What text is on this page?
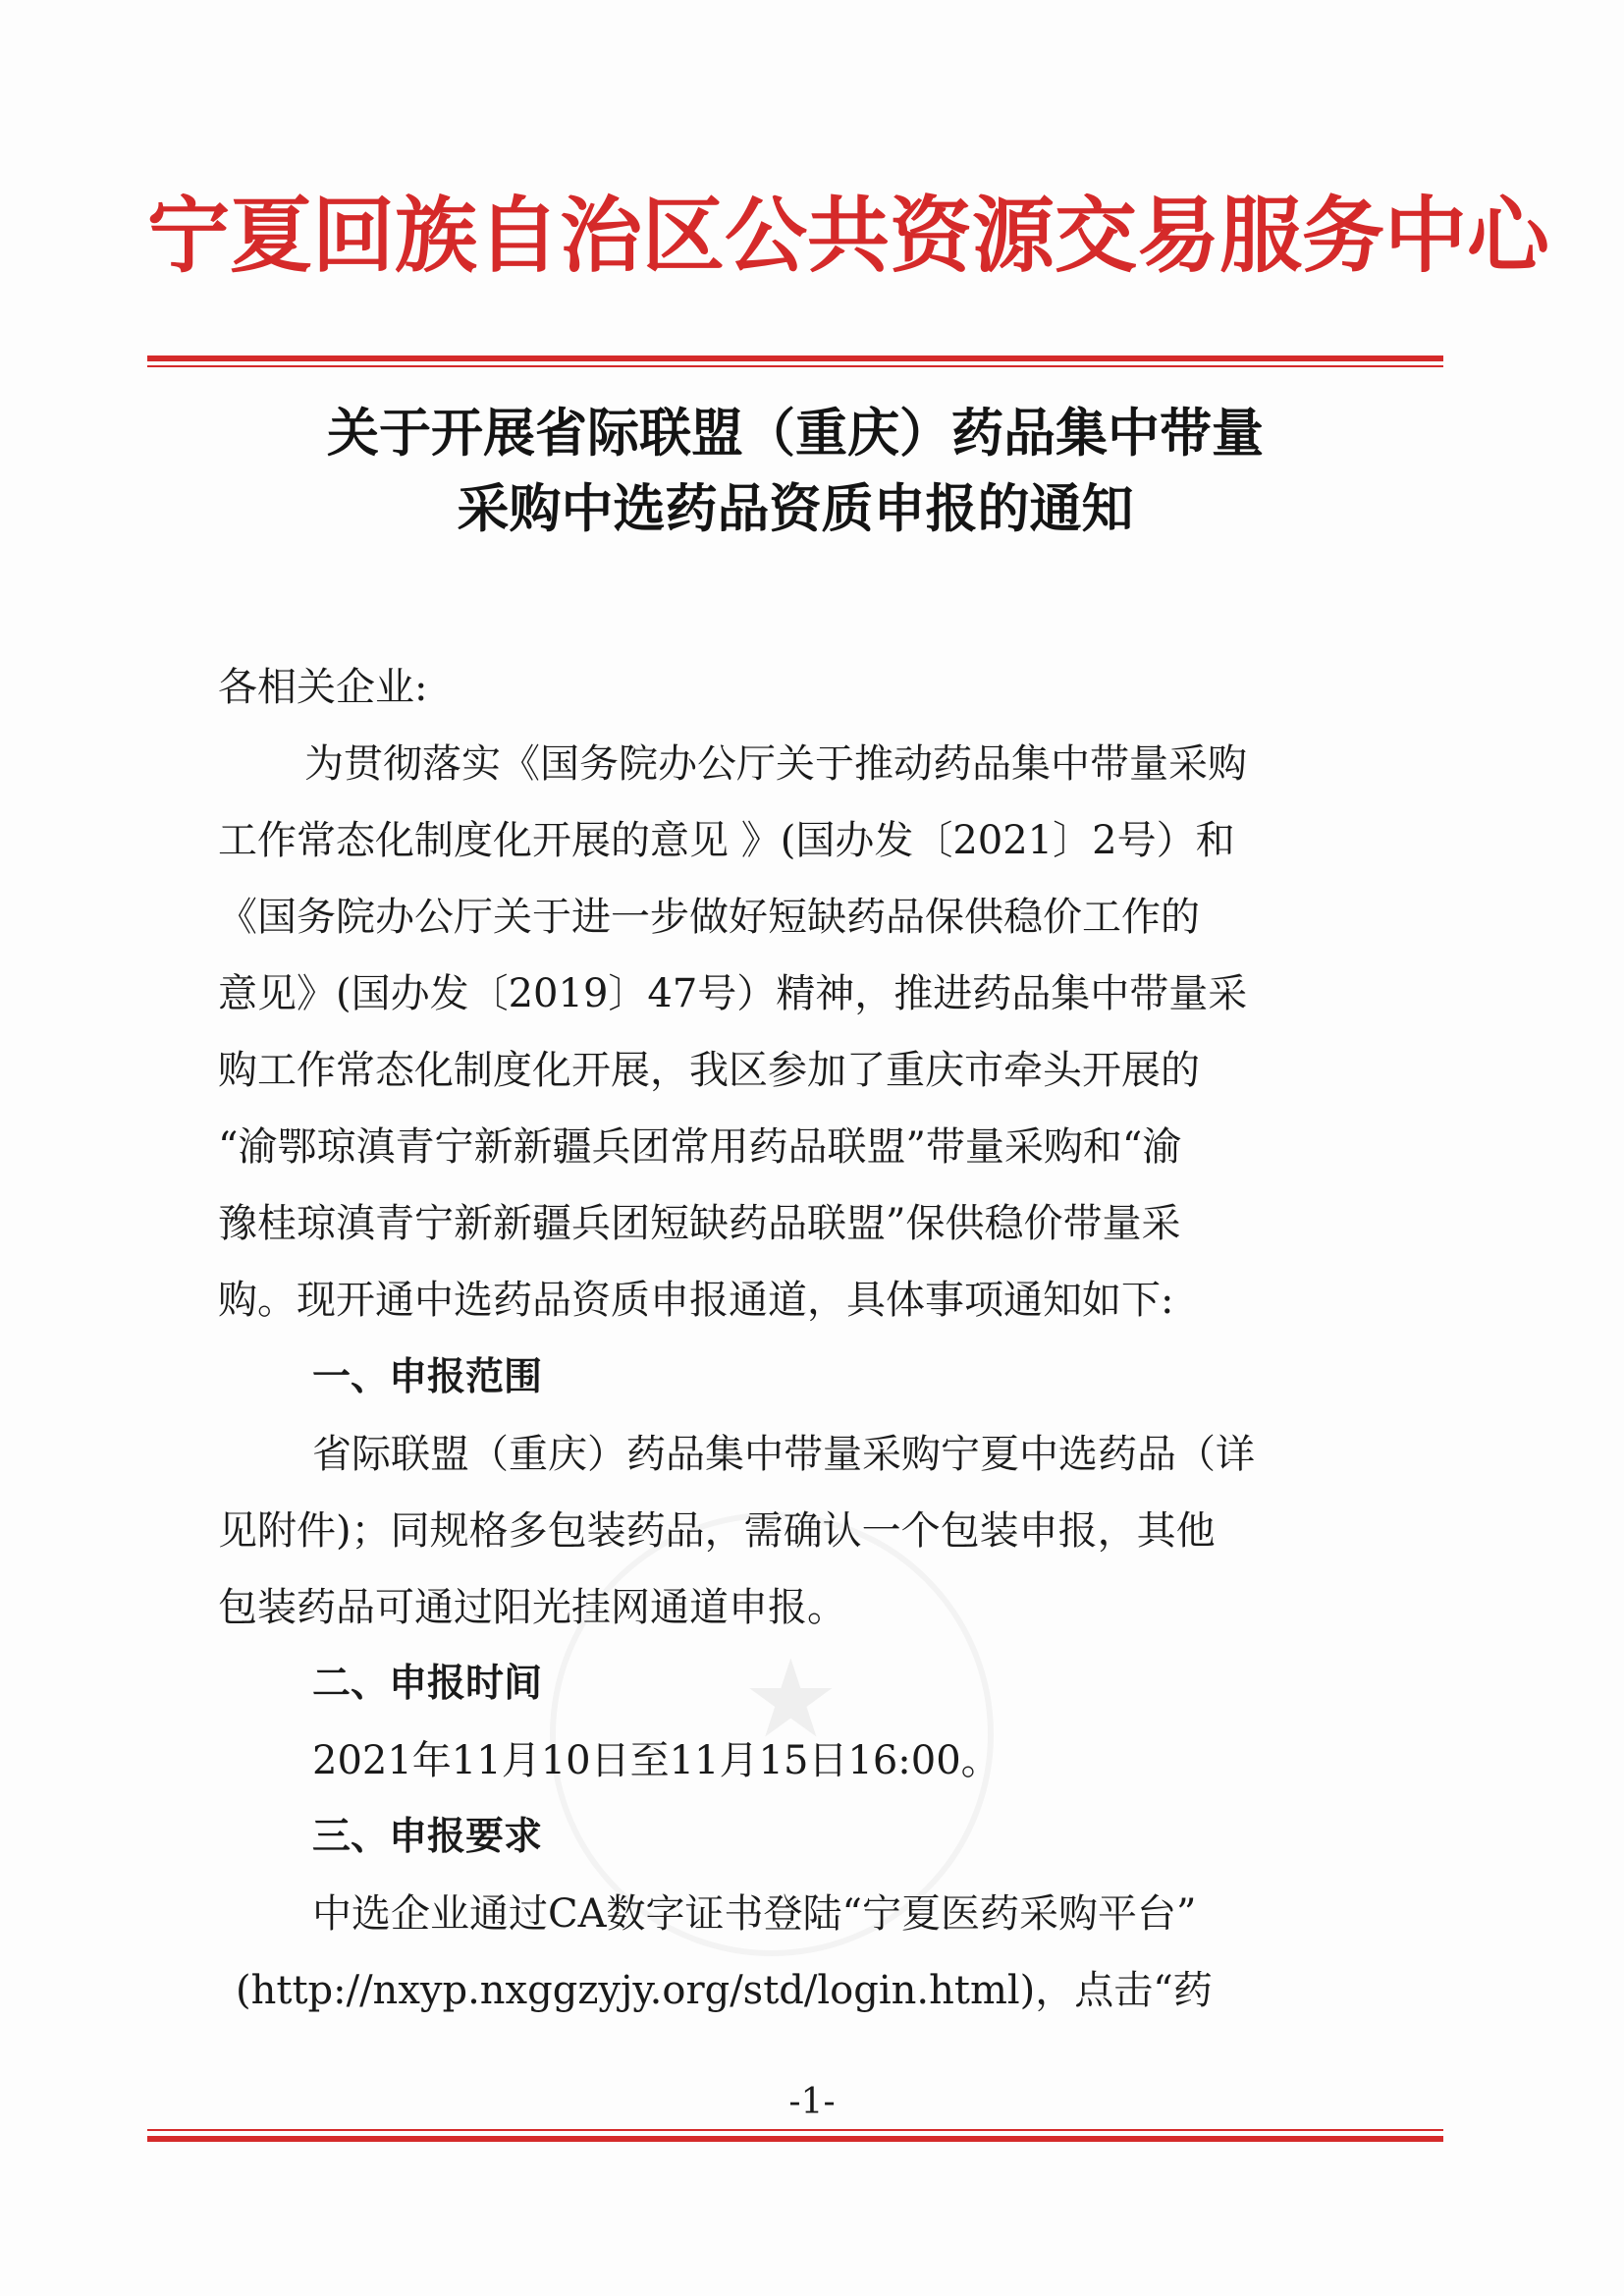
★
宁夏回族自治区公共资源交易服务中心
关于开展省际联盟（重庆）药品集中带量
采购中选药品资质申报的通知

各相关企业:

为贯彻落实《国务院办公厅关于推动药品集中带量采购

工作常态化制度化开展的意见 》(国办发〔2021〕2号）和

《国务院办公厅关于进一步做好短缺药品保供稳价工作的

意见》(国办发〔2019〕47号）精神，推进药品集中带量采

购工作常态化制度化开展，我区参加了重庆市牵头开展的

“渝鄂琼滇青宁新新疆兵团常用药品联盟”带量采购和“渝

豫桂琼滇青宁新新疆兵团短缺药品联盟”保供稳价带量采

购。现开通中选药品资质申报通道，具体事项通知如下:

一、申报范围

省际联盟（重庆）药品集中带量采购宁夏中选药品（详

见附件)；同规格多包装药品，需确认一个包装申报，其他

包装药品可通过阳光挂网通道申报。

二、申报时间

2021年11月10日至11月15日16:00。

三、申报要求

中选企业通过CA数字证书登陆“宁夏医药采购平台”

(http://nxyp.nxggzyjy.org/std/login.html)，点击“药

-1-
